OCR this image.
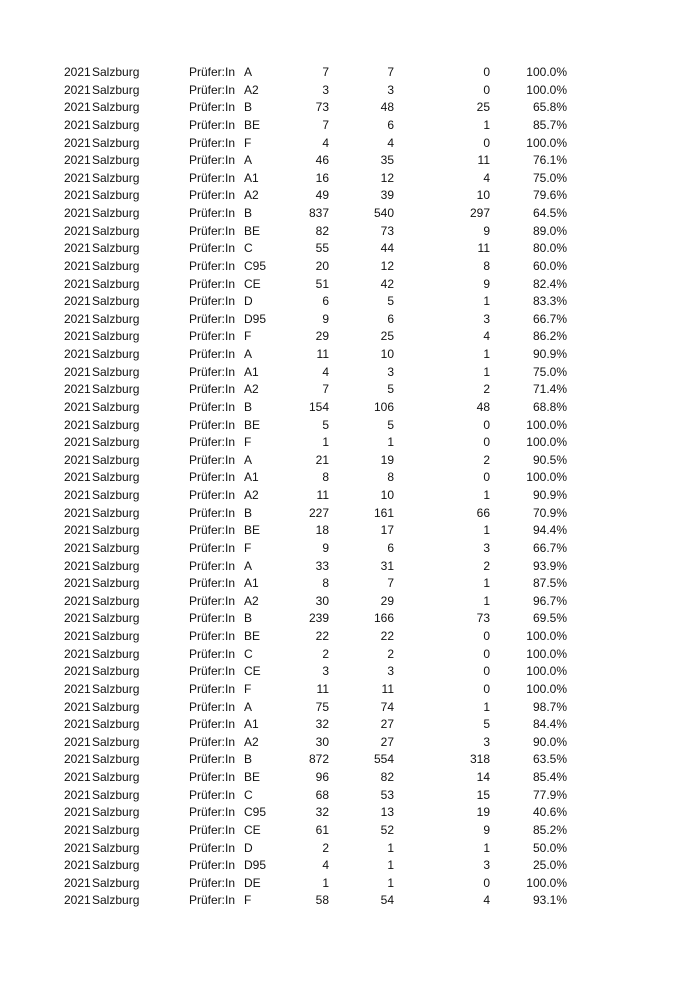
2021 Salzburg	Prüfer:In A	7	7	0	100.0%
2021 Salzburg	Prüfer:In A2	3	3	0	100.0%
2021 Salzburg	Prüfer:In B	73	48	25	65.8%
2021 Salzburg	Prüfer:In BE	7	6	1	85.7%
2021 Salzburg	Prüfer:In F	4	4	0	100.0%
2021 Salzburg	Prüfer:In A	46	35	11	76.1%
2021 Salzburg	Prüfer:In A1	16	12	4	75.0%
2021 Salzburg	Prüfer:In A2	49	39	10	79.6%
2021 Salzburg	Prüfer:In B	837	540	297	64.5%
2021 Salzburg	Prüfer:In BE	82	73	9	89.0%
2021 Salzburg	Prüfer:In C	55	44	11	80.0%
2021 Salzburg	Prüfer:In C95	20	12	8	60.0%
2021 Salzburg	Prüfer:In CE	51	42	9	82.4%
2021 Salzburg	Prüfer:In D	6	5	1	83.3%
2021 Salzburg	Prüfer:In D95	9	6	3	66.7%
2021 Salzburg	Prüfer:In F	29	25	4	86.2%
2021 Salzburg	Prüfer:In A	11	10	1	90.9%
2021 Salzburg	Prüfer:In A1	4	3	1	75.0%
2021 Salzburg	Prüfer:In A2	7	5	2	71.4%
2021 Salzburg	Prüfer:In B	154	106	48	68.8%
2021 Salzburg	Prüfer:In BE	5	5	0	100.0%
2021 Salzburg	Prüfer:In F	1	1	0	100.0%
2021 Salzburg	Prüfer:In A	21	19	2	90.5%
2021 Salzburg	Prüfer:In A1	8	8	0	100.0%
2021 Salzburg	Prüfer:In A2	11	10	1	90.9%
2021 Salzburg	Prüfer:In B	227	161	66	70.9%
2021 Salzburg	Prüfer:In BE	18	17	1	94.4%
2021 Salzburg	Prüfer:In F	9	6	3	66.7%
2021 Salzburg	Prüfer:In A	33	31	2	93.9%
2021 Salzburg	Prüfer:In A1	8	7	1	87.5%
2021 Salzburg	Prüfer:In A2	30	29	1	96.7%
2021 Salzburg	Prüfer:In B	239	166	73	69.5%
2021 Salzburg	Prüfer:In BE	22	22	0	100.0%
2021 Salzburg	Prüfer:In C	2	2	0	100.0%
2021 Salzburg	Prüfer:In CE	3	3	0	100.0%
2021 Salzburg	Prüfer:In F	11	11	0	100.0%
2021 Salzburg	Prüfer:In A	75	74	1	98.7%
2021 Salzburg	Prüfer:In A1	32	27	5	84.4%
2021 Salzburg	Prüfer:In A2	30	27	3	90.0%
2021 Salzburg	Prüfer:In B	872	554	318	63.5%
2021 Salzburg	Prüfer:In BE	96	82	14	85.4%
2021 Salzburg	Prüfer:In C	68	53	15	77.9%
2021 Salzburg	Prüfer:In C95	32	13	19	40.6%
2021 Salzburg	Prüfer:In CE	61	52	9	85.2%
2021 Salzburg	Prüfer:In D	2	1	1	50.0%
2021 Salzburg	Prüfer:In D95	4	1	3	25.0%
2021 Salzburg	Prüfer:In DE	1	1	0	100.0%
2021 Salzburg	Prüfer:In F	58	54	4	93.1%
